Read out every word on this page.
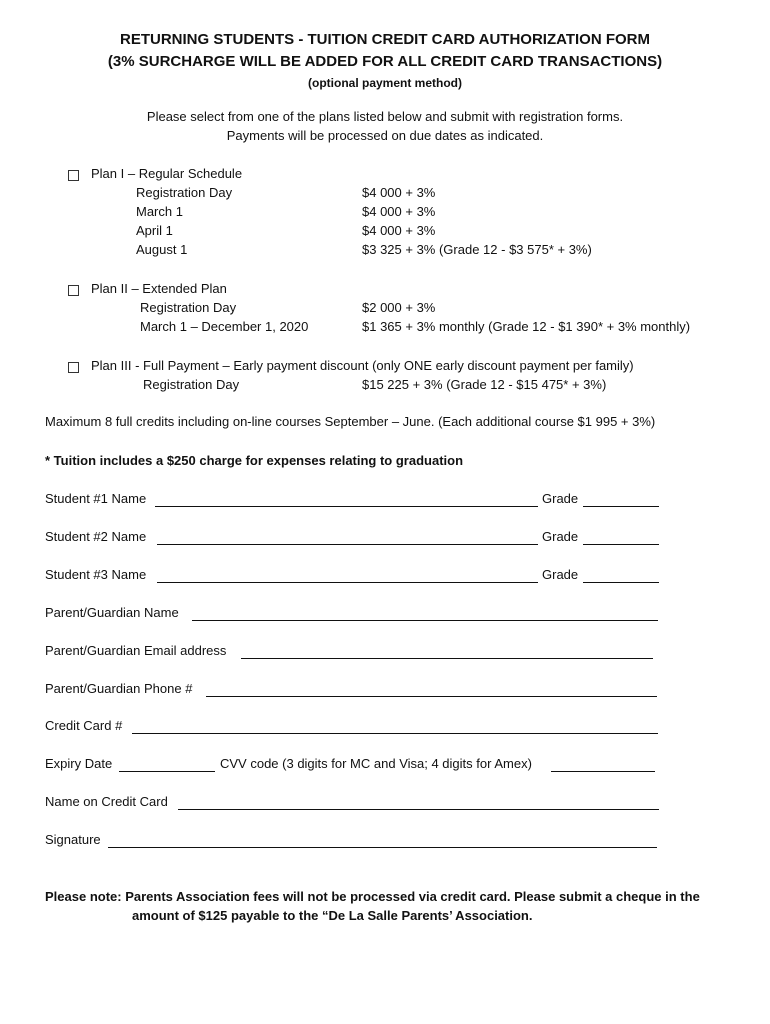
RETURNING STUDENTS - TUITION CREDIT CARD AUTHORIZATION FORM
(3% SURCHARGE WILL BE ADDED FOR ALL CREDIT CARD TRANSACTIONS)
(optional payment method)
Please select from one of the plans listed below and submit with registration forms.
Payments will be processed on due dates as indicated.
Plan I – Regular Schedule
Registration Day	$4 000 + 3%
March 1	$4 000 + 3%
April 1	$4 000 + 3%
August 1	$3 325 + 3% (Grade 12 - $3 575* + 3%)
Plan II – Extended Plan
Registration Day	$2 000 + 3%
March 1 – December 1, 2020	$1 365 + 3% monthly (Grade 12 - $1 390* + 3% monthly)
Plan III - Full Payment – Early payment discount (only ONE early discount payment per family)
Registration Day	$15 225 + 3% (Grade 12 - $15 475* + 3%)
Maximum 8 full credits including on-line courses September – June. (Each additional course $1 995 + 3%)
* Tuition includes a $250 charge for expenses relating to graduation
Student #1 Name	Grade
Student #2 Name	Grade
Student #3 Name	Grade
Parent/Guardian Name
Parent/Guardian Email address
Parent/Guardian Phone #
Credit Card #
Expiry Date	CVV code (3 digits for MC and Visa; 4 digits for Amex)
Name on Credit Card
Signature
Please note: Parents Association fees will not be processed via credit card. Please submit a cheque in the
amount of $125 payable to the “De La Salle Parents’ Association.
